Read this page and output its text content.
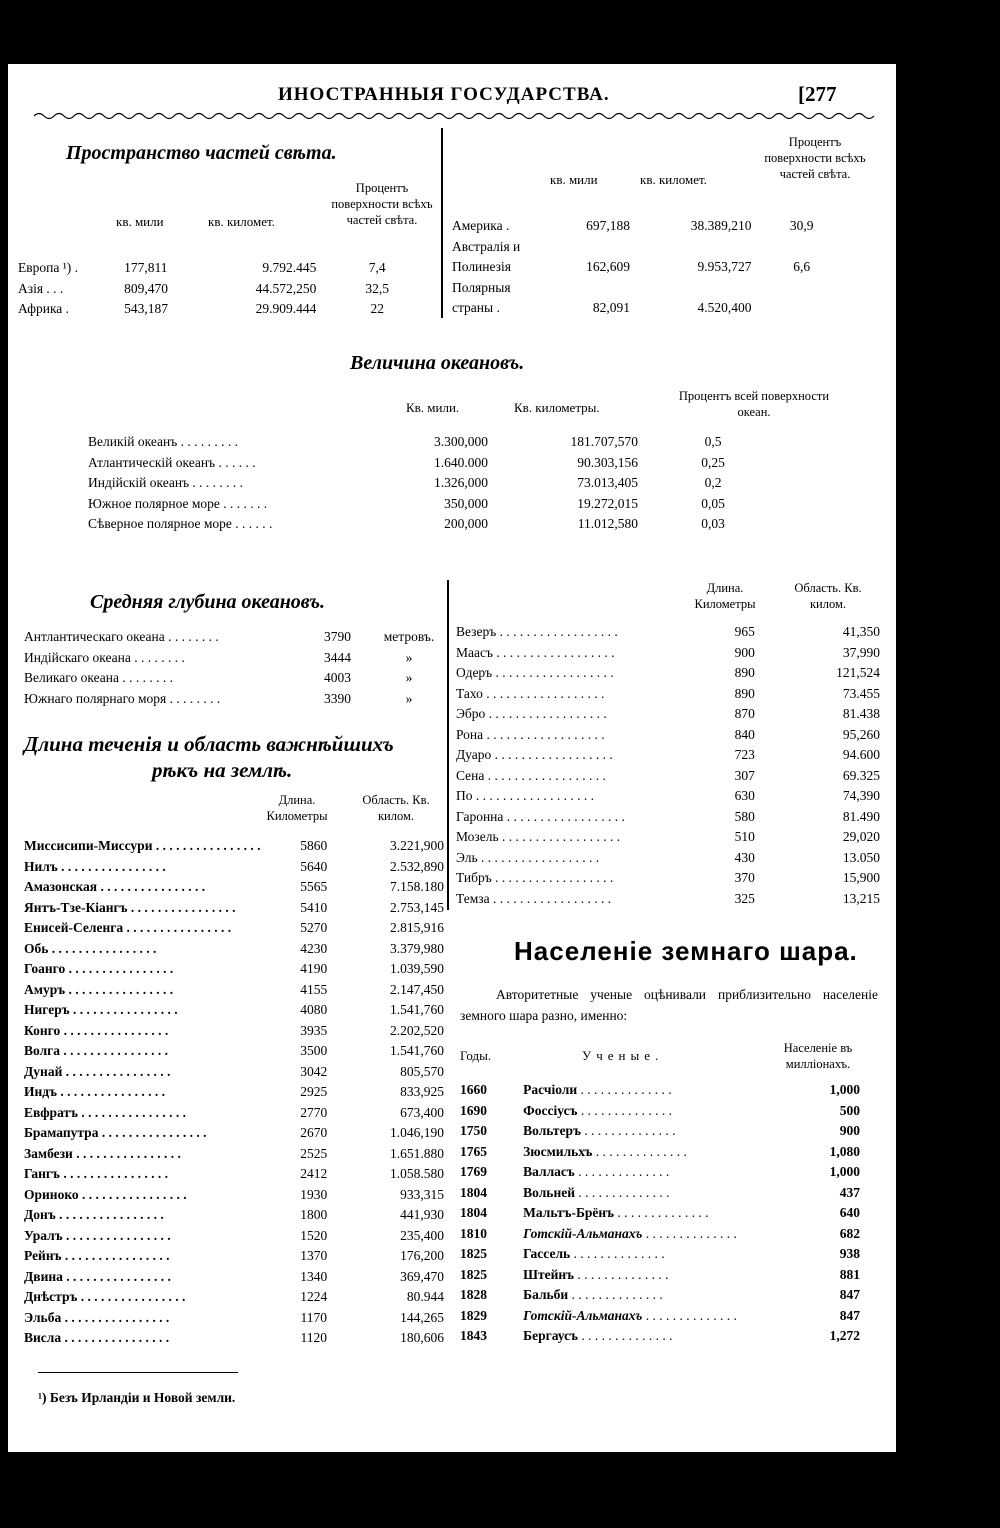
ИНОСТРАННЫЯ ГОСУДАРСТВА.	[277
Пространство частей свѣта.
Процентъ поверхности всѣхъ частей свѣта.
кв. мили	кв. километ.
Европа ¹) .	177,811	9.792.445	7,4
Азія . . .	809,470	44.572,250	32,5
Африка .	543,187	29.909.444	22
Процентъ поверхности всѣхъ частей свѣта.
кв. мили	кв. километ.
Америка .	697,188	38.389,210	30,9
Австралія и			
Полинезія	162,609	9.953,727	6,6
Полярныя			
страны .	82,091	4.520,400	
Величина океановъ.
Кв. мили.	Кв. километры.
Процентъ всей поверхности океан.
Великій океанъ . . . . . . . . .	3.300,000	181.707,570	0,5
Атлантическій океанъ . . . . . .	1.640.000	90.303,156	0,25
Индійскій океанъ . . . . . . . .	1.326,000	73.013,405	0,2
Южное полярное море . . . . . . .	350,000	19.272,015	0,05
Сѣверное полярное море . . . . . .	200,000	11.012,580	0,03
Средняя глубина океановъ.
Антлантическаго океана . . . . . . . .	3790	метровъ.
Индійскаго океана . . . . . . . .	3444	»
Великаго океана . . . . . . . .	4003	»
Южнаго полярнаго моря . . . . . . . .	3390	»
Длина теченія и область важнѣйшихъ
рѣкъ на землѣ.
Длина. Километры
Область. Кв. килом.
Миссисипи-Миссури . . . . . . . . . . . . . . . .	5860	3.221,900
Нилъ . . . . . . . . . . . . . . . .	5640	2.532,890
Амазонская . . . . . . . . . . . . . . . .	5565	7.158.180
Янтъ-Тзе-Кіангъ . . . . . . . . . . . . . . . .	5410	2.753,145
Енисей-Селенга . . . . . . . . . . . . . . . .	5270	2.815,916
Обь . . . . . . . . . . . . . . . .	4230	3.379,980
Гоанго . . . . . . . . . . . . . . . .	4190	1.039,590
Амуръ . . . . . . . . . . . . . . . .	4155	2.147,450
Нигеръ . . . . . . . . . . . . . . . .	4080	1.541,760
Конго . . . . . . . . . . . . . . . .	3935	2.202,520
Волга . . . . . . . . . . . . . . . .	3500	1.541,760
Дунай . . . . . . . . . . . . . . . .	3042	805,570
Индъ . . . . . . . . . . . . . . . .	2925	833,925
Евфратъ . . . . . . . . . . . . . . . .	2770	673,400
Брамапутра . . . . . . . . . . . . . . . .	2670	1.046,190
Замбези . . . . . . . . . . . . . . . .	2525	1.651.880
Гангъ . . . . . . . . . . . . . . . .	2412	1.058.580
Ориноко . . . . . . . . . . . . . . . .	1930	933,315
Донъ . . . . . . . . . . . . . . . .	1800	441,930
Уралъ . . . . . . . . . . . . . . . .	1520	235,400
Рейнъ . . . . . . . . . . . . . . . .	1370	176,200
Двина . . . . . . . . . . . . . . . .	1340	369,470
Днѣстръ . . . . . . . . . . . . . . . .	1224	80.944
Эльба . . . . . . . . . . . . . . . .	1170	144,265
Висла . . . . . . . . . . . . . . . .	1120	180,606
Длина. Километры
Область. Кв. килом.
Везеръ . . . . . . . . . . . . . . . . . .	965	41,350
Маасъ . . . . . . . . . . . . . . . . . .	900	37,990
Одеръ . . . . . . . . . . . . . . . . . .	890	121,524
Тахо . . . . . . . . . . . . . . . . . .	890	73.455
Эбро . . . . . . . . . . . . . . . . . .	870	81.438
Рона . . . . . . . . . . . . . . . . . .	840	95,260
Дуаро . . . . . . . . . . . . . . . . . .	723	94.600
Сена . . . . . . . . . . . . . . . . . .	307	69.325
По . . . . . . . . . . . . . . . . . .	630	74,390
Гаронна . . . . . . . . . . . . . . . . . .	580	81.490
Мозель . . . . . . . . . . . . . . . . . .	510	29,020
Эль . . . . . . . . . . . . . . . . . .	430	13.050
Тибръ . . . . . . . . . . . . . . . . . .	370	15,900
Темза . . . . . . . . . . . . . . . . . .	325	13,215
Населеніе земнаго шара.
Авторитетные ученые оцѣнивали приблизительно населеніе земного шара разно, именно:
Годы.	Ученые.	Населеніе въ милліонахъ.
1660	Расчіоли . . . . . . . . . . . . . .	1,000
1690	Фоссіусъ . . . . . . . . . . . . . .	500
1750	Вольтеръ . . . . . . . . . . . . . .	900
1765	Зюсмильхъ . . . . . . . . . . . . . .	1,080
1769	Валласъ . . . . . . . . . . . . . .	1,000
1804	Вольней . . . . . . . . . . . . . .	437
1804	Мальтъ-Брёнъ . . . . . . . . . . . . . .	640
1810	Готскій-Альманахъ . . . . . . . . . . . . . .	682
1825	Гассель . . . . . . . . . . . . . .	938
1825	Штейнъ . . . . . . . . . . . . . .	881
1828	Бальби . . . . . . . . . . . . . .	847
1829	Готскій-Альманахъ . . . . . . . . . . . . . .	847
1843	Бергаусъ . . . . . . . . . . . . . .	1,272
¹) Безъ Ирландіи и Новой земли.
